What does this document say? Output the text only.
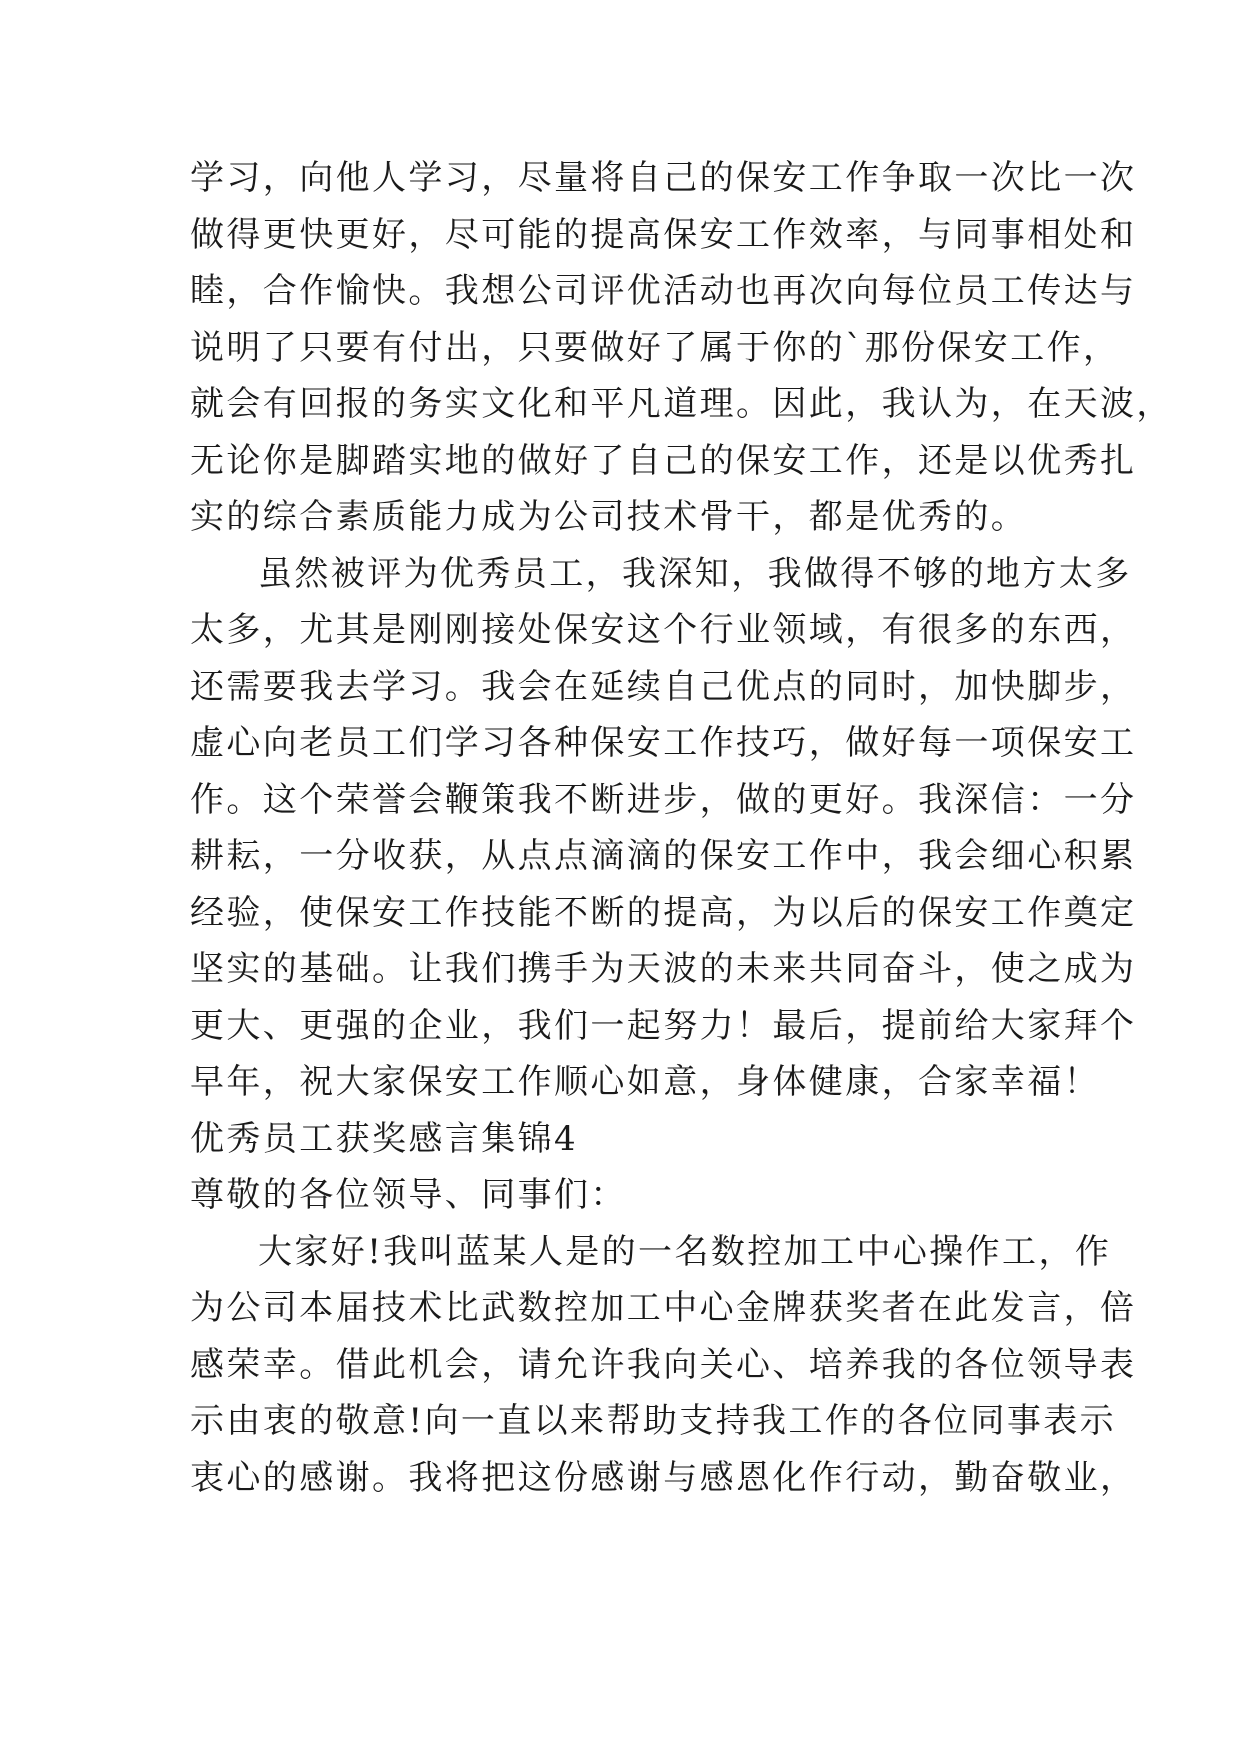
学习，向他人学习，尽量将自己的保安工作争取一次比一次
做得更快更好，尽可能的提高保安工作效率，与同事相处和
睦，合作愉快。我想公司评优活动也再次向每位员工传达与
说明了只要有付出，只要做好了属于你的`那份保安工作，
就会有回报的务实文化和平凡道理。因此，我认为，在天波，
无论你是脚踏实地的做好了自己的保安工作，还是以优秀扎
实的综合素质能力成为公司技术骨干，都是优秀的。
虽然被评为优秀员工，我深知，我做得不够的地方太多
太多，尤其是刚刚接处保安这个行业领域，有很多的东西，
还需要我去学习。我会在延续自己优点的同时，加快脚步，
虚心向老员工们学习各种保安工作技巧，做好每一项保安工
作。这个荣誉会鞭策我不断进步，做的更好。我深信：一分
耕耘，一分收获，从点点滴滴的保安工作中，我会细心积累
经验，使保安工作技能不断的提高，为以后的保安工作奠定
坚实的基础。让我们携手为天波的未来共同奋斗，使之成为
更大、更强的企业，我们一起努力！最后，提前给大家拜个
早年，祝大家保安工作顺心如意，身体健康，合家幸福！
优秀员工获奖感言集锦4
尊敬的各位领导、同事们：
大家好!我叫蓝某人是的一名数控加工中心操作工，作
为公司本届技术比武数控加工中心金牌获奖者在此发言，倍
感荣幸。借此机会，请允许我向关心、培养我的各位领导表
示由衷的敬意!向一直以来帮助支持我工作的各位同事表示
衷心的感谢。我将把这份感谢与感恩化作行动，勤奋敬业，
